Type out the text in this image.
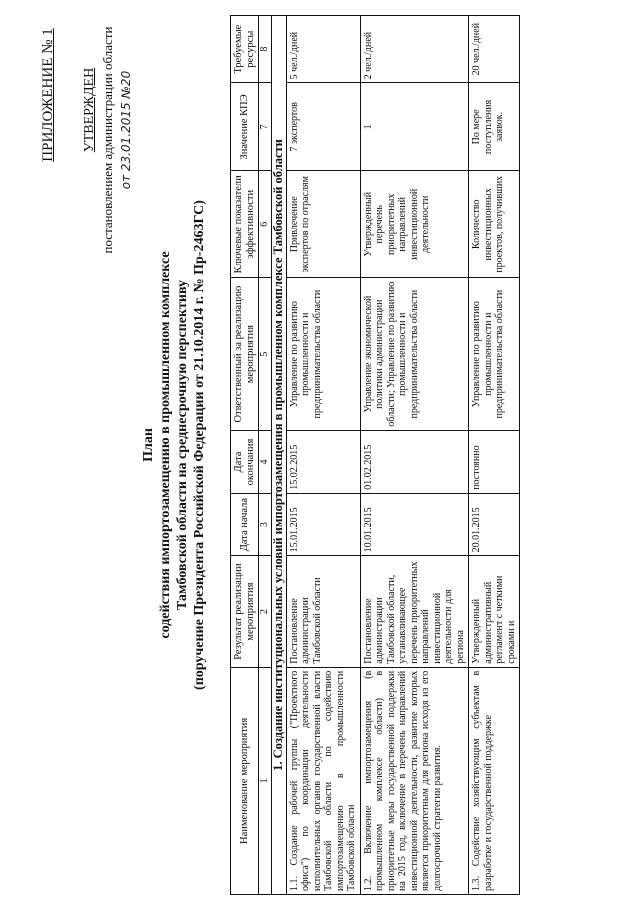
ПРИЛОЖЕНИЕ № 1 УТВЕРЖДЕН постановлением администрации области от 23.01.2015 №20
План содействия импортозамещению в промышленном комплексе Тамбовской области на среднесрочную перспективу (поручение Президента Российской Федерации от 21.10.2014 г. № Пр-2463ГС)
Наименование мероприятия	Результат реализации мероприятия	Дата начала	Дата окончания	Ответственный за реализацию мероприятия	Ключевые показатели эффективности	Значение КПЭ	Требуемые ресурсы
1	2	3	4	5	6	7	8
1. Создание институциональных условий импортозамещения в промышленном комплексе Тамбовской области							
1.1. Создание рабочей группы ("Проектного офиса") по координации деятельности исполнительных органов государственной власти Тамбовской области по содействию импортозамещению в промышленности Тамбовской области	Постановление администрации Тамбовской области	15.01.2015	15.02.2015	Управление по развитию промышленности и предпринимательства области	Привлечение экспертов по отраслям	7 экспертов	5 чел./дней
1.2. Включение импортозамещения (в промышленном комплексе области) в приоритетные меры государственной поддержки на 2015 год, включение в перечень направлений инвестиционной деятельности, развитие которых является приоритетным для региона исходя из его долгосрочной стратегии развития.	Постановление администрации Тамбовской области, устанавливающее перечень приоритетных направлений инвестиционной деятельности для региона	10.01.2015	01.02.2015	Управление экономической политики администрации области; Управление по развитию промышленности и предпринимательства области	Утвержденный перечень приоритетных направлений инвестиционной деятельности	1	2 чел./дней
1.3. Содействие хозяйствующим субъектам в разработке и государственной поддержке	Утвержденный административный регламент с четкими сроками и	20.01.2015	постоянно	Управление по развитию промышленности и предпринимательства области	Количество инвестиционных проектов, получивших	По мере поступления заявок.	20 чел./дней
